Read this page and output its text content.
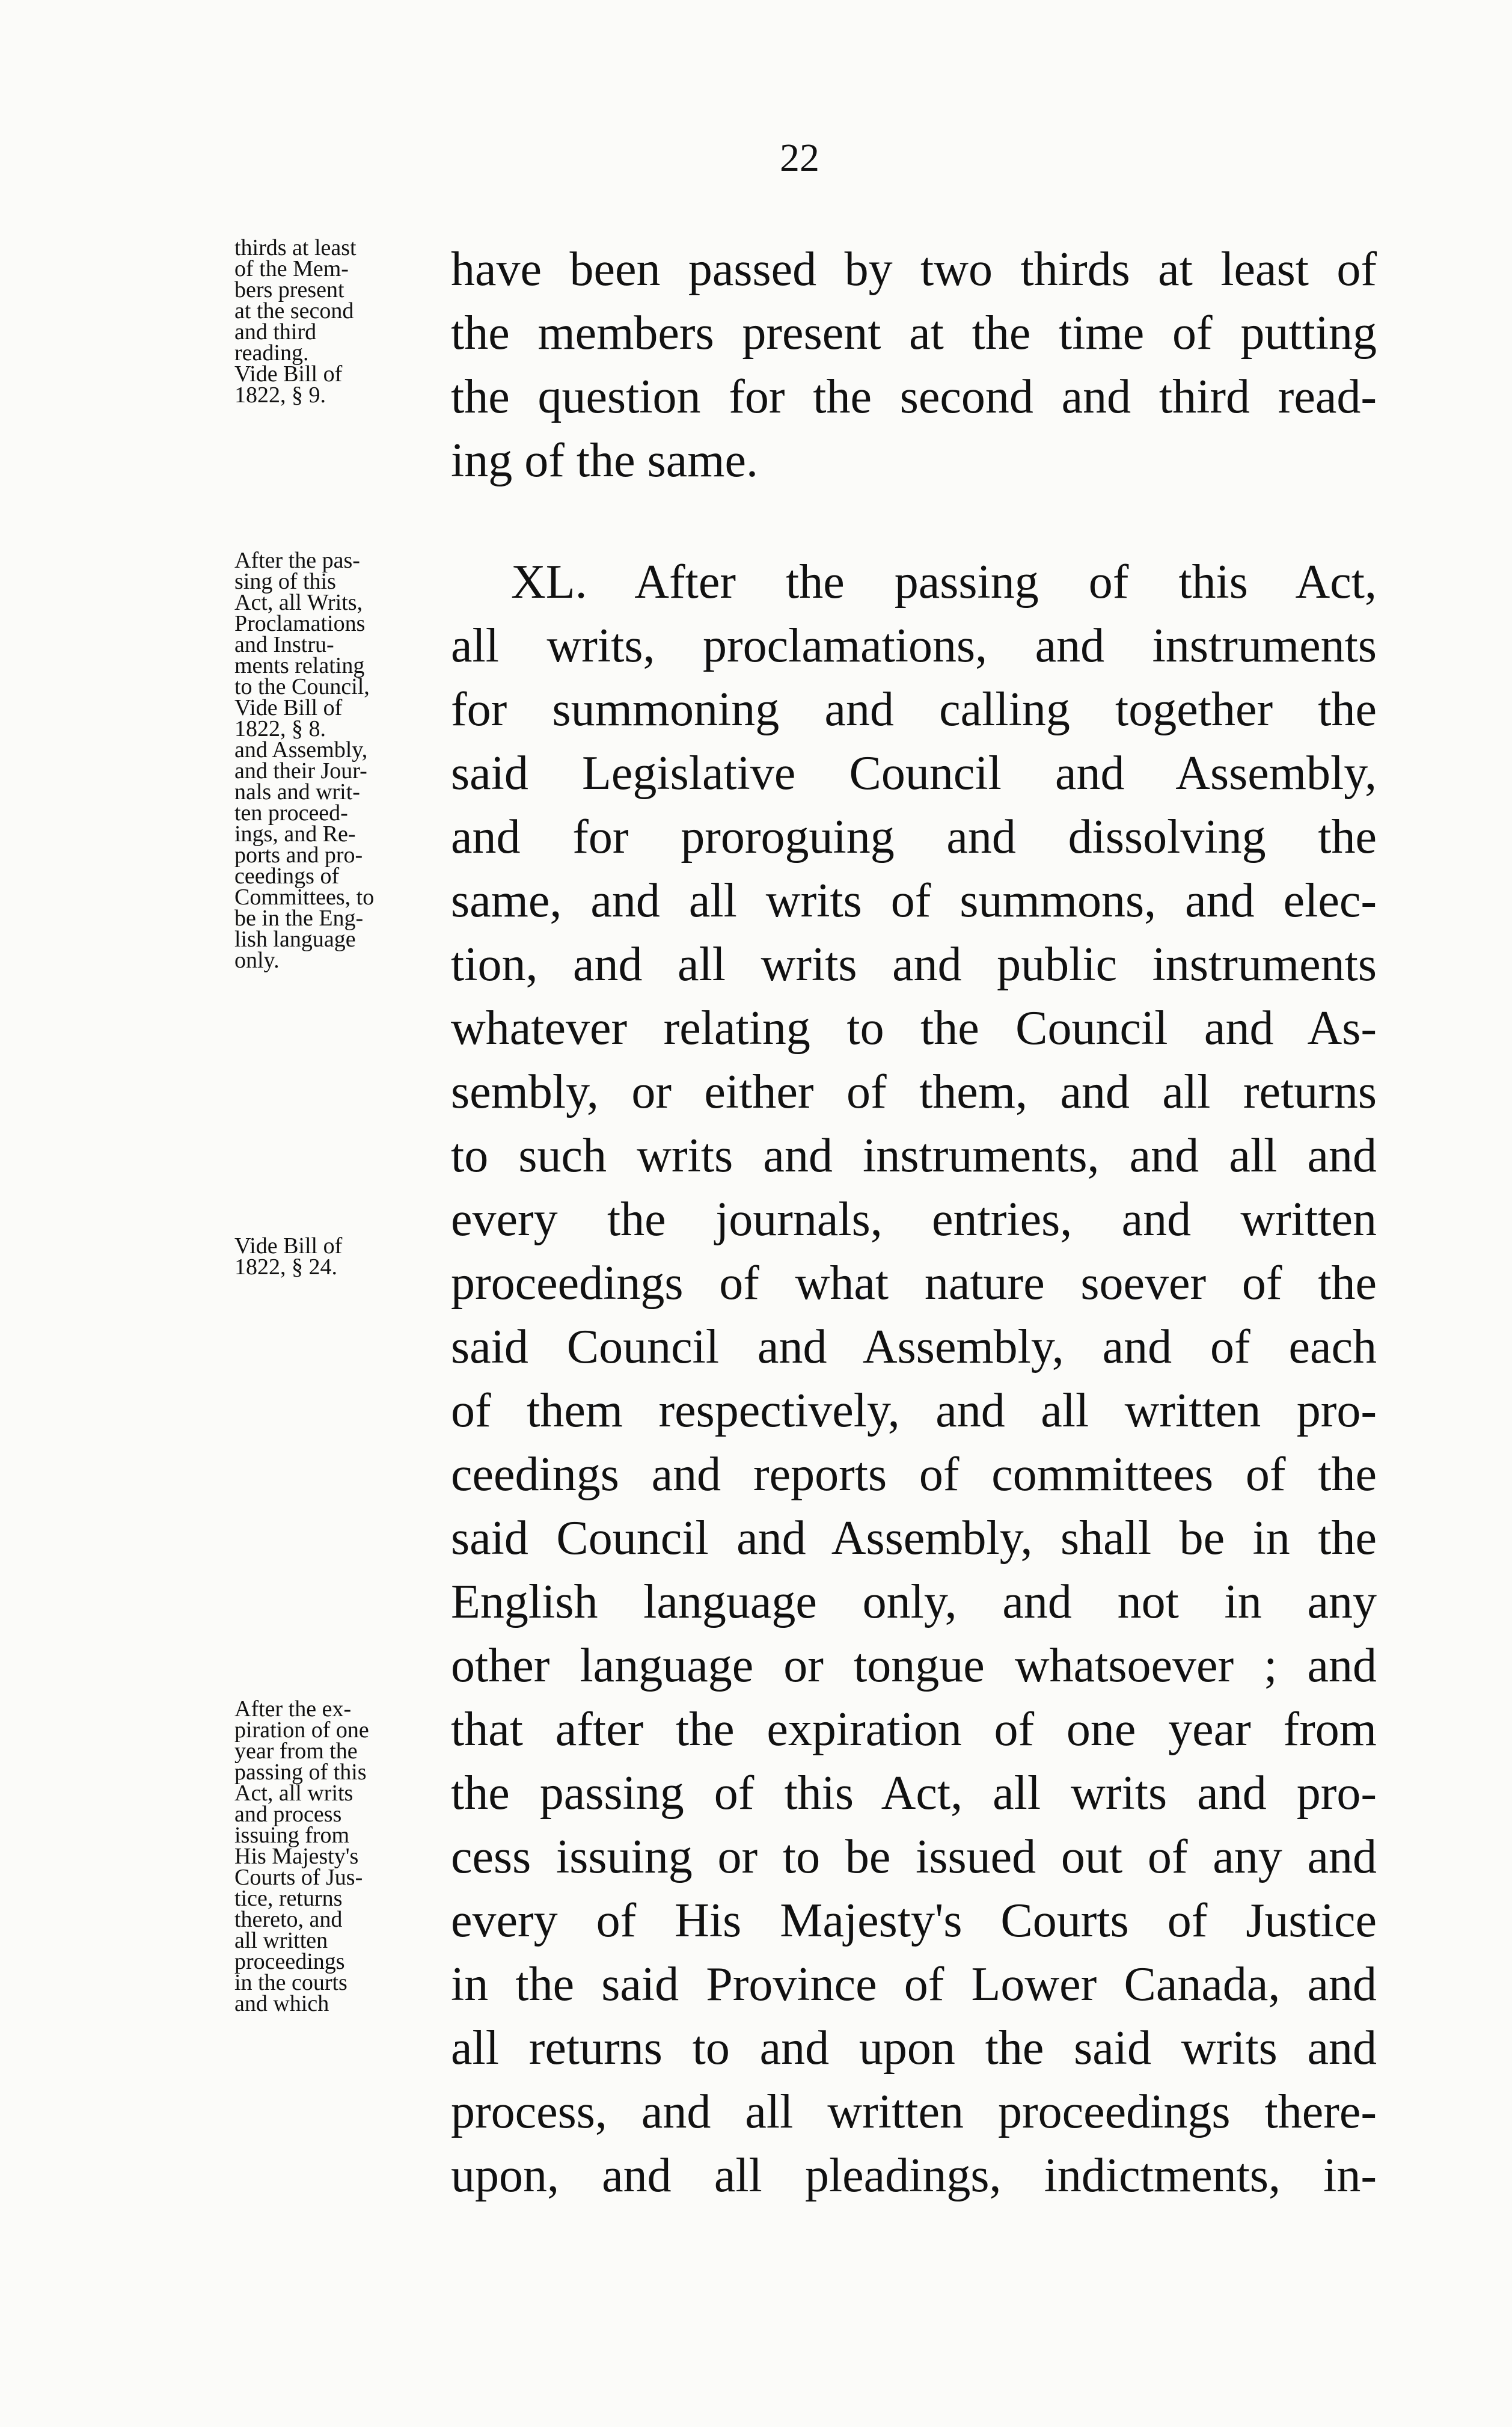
22
thirds at least
of the Mem-
bers present
at the second
and third
reading.
Vide Bill of
1822, § 9.
have been passed by two thirds at least of
the members present at the time of putting
the question for the second and third read-
ing of the same.
After the pas-
sing of this
Act, all Writs,
Proclamations
and Instru-
ments relating
to the Council,
Vide Bill of
1822, § 8.
and Assembly,
and their Jour-
nals and writ-
ten proceed-
ings, and Re-
ports and pro-
ceedings of
Committees, to
be in the Eng-
lish language
only.
Vide Bill of
1822, § 24.
XL. After the passing of this Act,
all writs, proclamations, and instruments
for summoning and calling together the
said Legislative Council and Assembly,
and for proroguing and dissolving the
same, and all writs of summons, and elec-
tion, and all writs and public instruments
whatever relating to the Council and As-
sembly, or either of them, and all returns
to such writs and instruments, and all and
every the journals, entries, and written
proceedings of what nature soever of the
said Council and Assembly, and of each
of them respectively, and all written pro-
ceedings and reports of committees of the
said Council and Assembly, shall be in the
English language only, and not in any
other language or tongue whatsoever ; and
After the ex-
piration of one
year from the
passing of this
Act, all writs
and process
issuing from
His Majesty's
Courts of Jus-
tice, returns
thereto, and
all written
proceedings
in the courts
and which
that after the expiration of one year from
the passing of this Act, all writs and pro-
cess issuing or to be issued out of any and
every of His Majesty's Courts of Justice
in the said Province of Lower Canada, and
all returns to and upon the said writs and
process, and all written proceedings there-
upon, and all pleadings, indictments, in-
